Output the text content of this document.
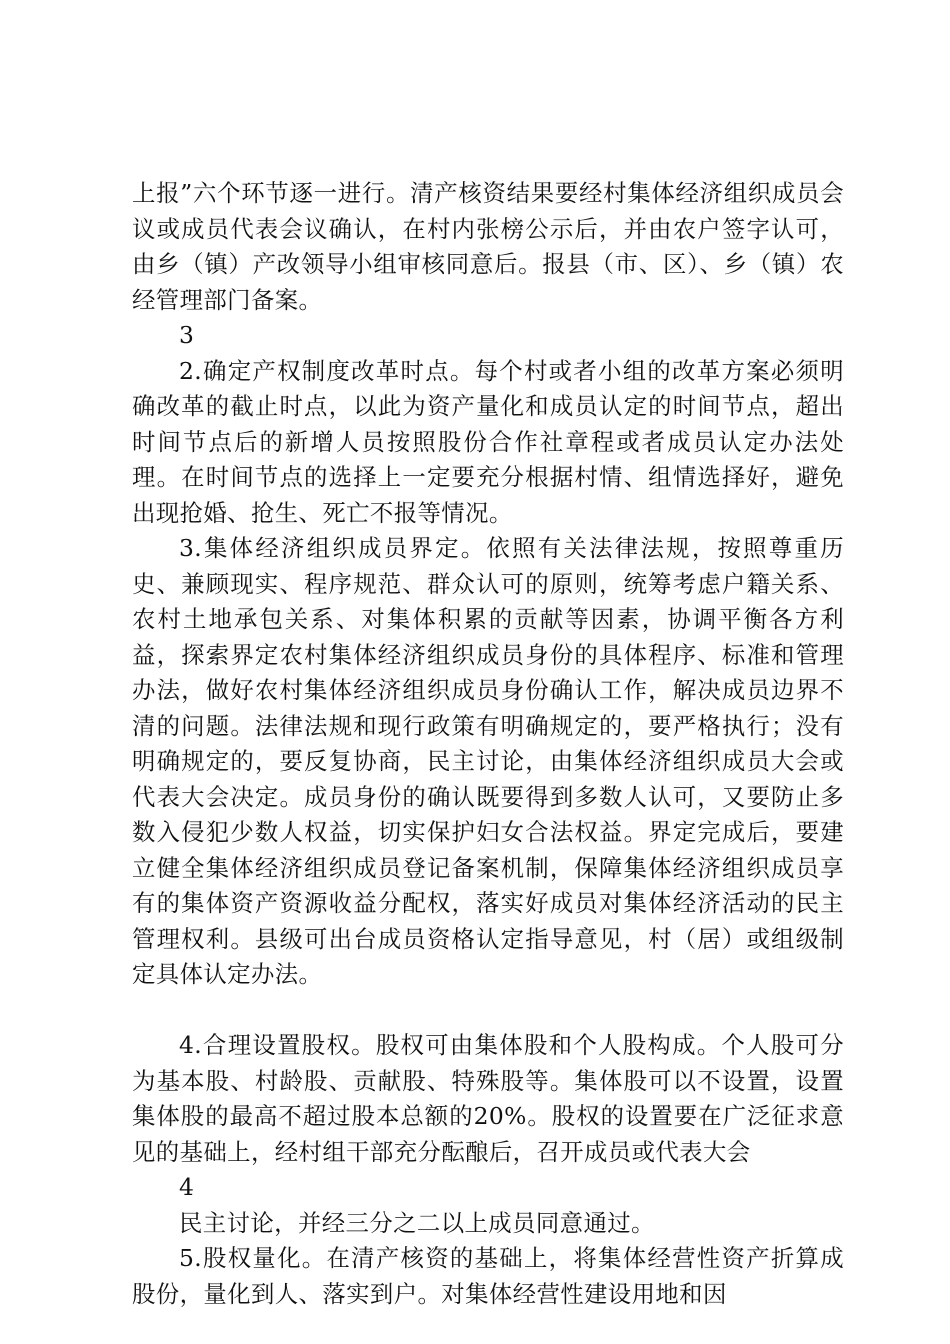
上报”六个环节逐一进行。清产核资结果要经村集体经济组织成员会议或成员代表会议确认，在村内张榜公示后，并由农户签字认可，由乡（镇）产改领导小组审核同意后。报县（市、区）、乡（镇）农经管理部门备案。

3

2.确定产权制度改革时点。每个村或者小组的改革方案必须明确改革的截止时点，以此为资产量化和成员认定的时间节点，超出时间节点后的新增人员按照股份合作社章程或者成员认定办法处理。在时间节点的选择上一定要充分根据村情、组情选择好，避免出现抢婚、抢生、死亡不报等情况。

3.集体经济组织成员界定。依照有关法律法规，按照尊重历史、兼顾现实、程序规范、群众认可的原则，统筹考虑户籍关系、农村土地承包关系、对集体积累的贡献等因素，协调平衡各方利益，探索界定农村集体经济组织成员身份的具体程序、标准和管理办法，做好农村集体经济组织成员身份确认工作，解决成员边界不清的问题。法律法规和现行政策有明确规定的，要严格执行；没有明确规定的，要反复协商，民主讨论，由集体经济组织成员大会或代表大会决定。成员身份的确认既要得到多数人认可，又要防止多数入侵犯少数人权益，切实保护妇女合法权益。界定完成后，要建立健全集体经济组织成员登记备案机制，保障集体经济组织成员享有的集体资产资源收益分配权，落实好成员对集体经济活动的民主管理权利。县级可出台成员资格认定指导意见，村（居）或组级制定具体认定办法。

4.合理设置股权。股权可由集体股和个人股构成。个人股可分为基本股、村龄股、贡献股、特殊股等。集体股可以不设置，设置集体股的最高不超过股本总额的20%。股权的设置要在广泛征求意见的基础上，经村组干部充分酝酿后，召开成员或代表大会

4

民主讨论，并经三分之二以上成员同意通过。

5.股权量化。在清产核资的基础上，将集体经营性资产折算成股份，量化到人、落实到户。对集体经营性建设用地和因
